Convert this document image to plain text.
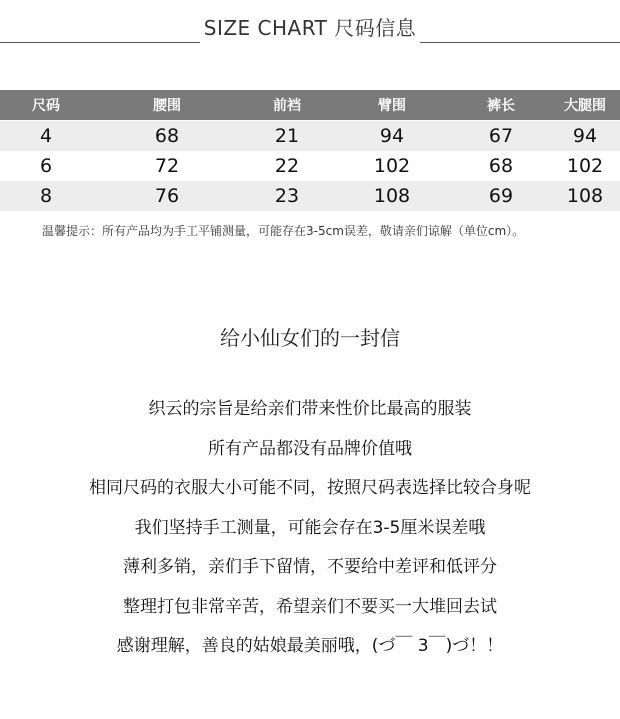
SIZE CHART 尺码信息
尺码	腰围	前裆	臂围	裤长	大腿围

4	68	21	94	67	94
6	72	22	102	68	102
8	76	23	108	69	108
温馨提示：所有产品均为手工平铺测量，可能存在3-5cm误差，敬请亲们谅解（单位cm）。
给小仙女们的一封信
织云的宗旨是给亲们带来性价比最高的服装
所有产品都没有品牌价值哦
相同尺码的衣服大小可能不同，按照尺码表选择比较合身呢
我们坚持手工测量，可能会存在3-5厘米误差哦
薄利多销，亲们手下留情，不要给中差评和低评分
整理打包非常辛苦，希望亲们不要买一大堆回去试
感谢理解，善良的姑娘最美丽哦，(づ￣ 3￣)づ！！
